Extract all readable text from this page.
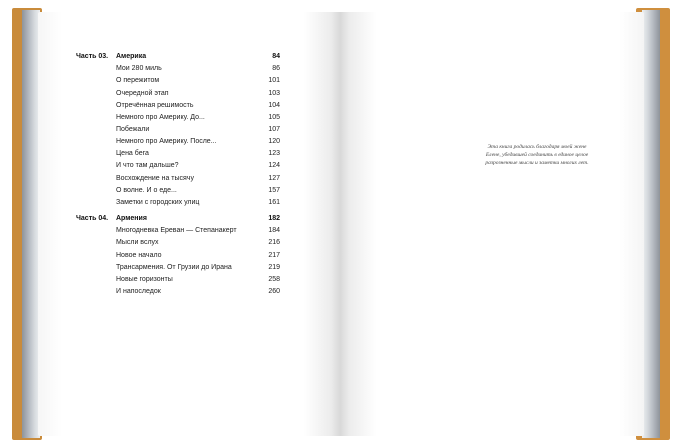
Часть 03. Америка	84
Мои 280 миль	86
О пережитом	101
Очередной этап	103
Отречённая решимость	104
Немного про Америку. До...	105
Побежали	107
Немного про Америку. После...	120
Цена бега	123
И что там дальше?	124
Восхождение на тысячу	127
О волне. И о еде...	157
Заметки с городских улиц	161
Часть 04. Армения	182
Многодневка Ереван — Степанакерт	184
Мысли вслух	216
Новое начало	217
Трансармения. От Грузии до Ирана	219
Новые горизонты	258
И напоследок	260
Эта книга родилась благодаря моей жене
Елене, убедившей соединить в единое целое
разрозненные мысли и заметки многих лет.
